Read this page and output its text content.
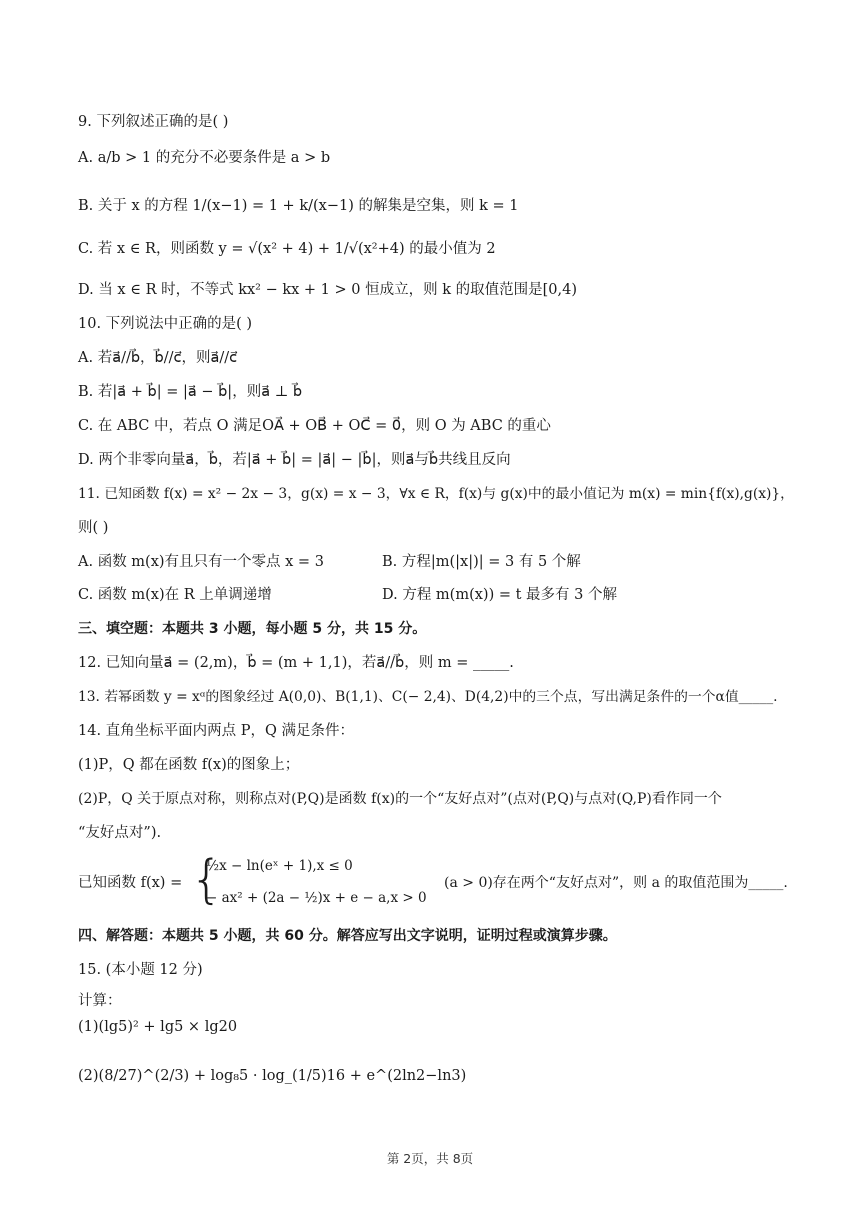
9. 下列叙述正确的是( )
A. a/b > 1 的充分不必要条件是 a > b
B. 关于 x 的方程 1/(x−1) = 1 + k/(x−1) 的解集是空集，则 k = 1
C. 若 x ∈ R，则函数 y = √(x² + 4) + 1/√(x²+4) 的最小值为 2
D. 当 x ∈ R 时，不等式 kx² − kx + 1 > 0 恒成立，则 k 的取值范围是[0,4)
10. 下列说法中正确的是( )
A. 若a⃗//b⃗，b⃗//c⃗，则a⃗//c⃗
B. 若|a⃗ + b⃗| = |a⃗ − b⃗|，则a⃗ ⊥ b⃗
C. 在 ABC 中，若点 O 满足OA⃗ + OB⃗ + OC⃗ = 0⃗，则 O 为 ABC 的重心
D. 两个非零向量a⃗，b⃗，若|a⃗ + b⃗| = |a⃗| − |b⃗|，则a⃗与b⃗共线且反向
11. 已知函数 f(x) = x² − 2x − 3，g(x) = x − 3，∀x ∈ R，f(x)与 g(x)中的最小值记为 m(x) = min{f(x),g(x)}，
则( )
A. 函数 m(x)有且只有一个零点 x = 3	B. 方程|m(|x|)| = 3 有 5 个解
C. 函数 m(x)在 R 上单调递增	D. 方程 m(m(x)) = t 最多有 3 个解
三、填空题：本题共 3 小题，每小题 5 分，共 15 分。
12. 已知向量a⃗ = (2,m)，b⃗ = (m + 1,1)，若a⃗//b⃗，则 m = _____.
13. 若幂函数 y = xᵅ的图象经过 A(0,0)、B(1,1)、C(− 2,4)、D(4,2)中的三个点，写出满足条件的一个α值_____.
14. 直角坐标平面内两点 P，Q 满足条件：
(1)P，Q 都在函数 f(x)的图象上；
(2)P，Q 关于原点对称，则称点对(P,Q)是函数 f(x)的一个“友好点对”(点对(P,Q)与点对(Q,P)看作同一个
“友好点对”).
已知函数 f(x) = {
½x − ln(eˣ + 1),x ≤ 0
− ax² + (2a − ½)x + e − a,x > 0
(a > 0)存在两个“友好点对”，则 a 的取值范围为_____.
四、解答题：本题共 5 小题，共 60 分。解答应写出文字说明，证明过程或演算步骤。
15. (本小题 12 分)
计算：
(1)(lg5)² + lg5 × lg20
(2)(8/27)^(2/3) + log₈5 · log_(1/5)16 + e^(2ln2−ln3)
第 2页，共 8页
